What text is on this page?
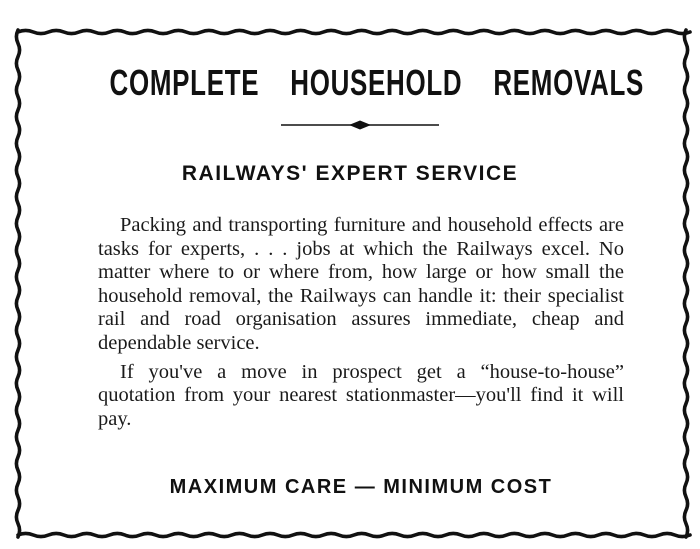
COMPLETE HOUSEHOLD REMOVALS
RAILWAYS' EXPERT SERVICE

Packing and transporting furniture and household effects are tasks for experts, . . . jobs at which the Railways excel. No matter where to or where from, how large or how small the household removal, the Railways can handle it: their specialist rail and road organisation assures immediate, cheap and dependable service.

If you've a move in prospect get a “house-to-house” quotation from your nearest stationmaster—you'll find it will pay.

MAXIMUM CARE — MINIMUM COST
